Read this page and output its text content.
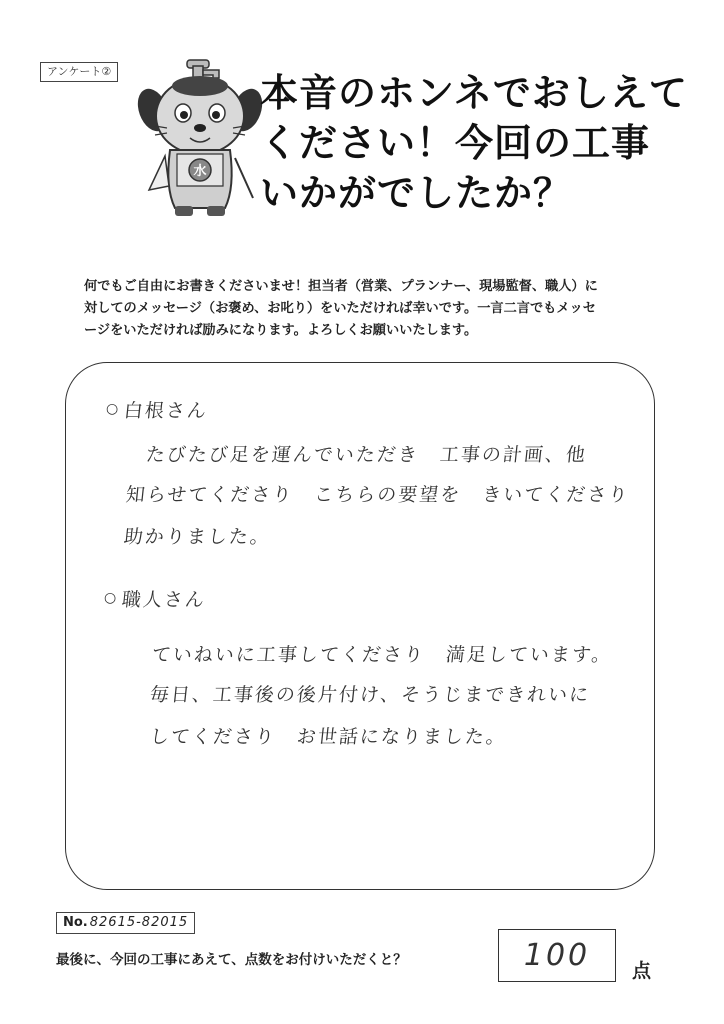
アンケート②
水
本音のホンネでおしえて
ください！今回の工事
いかがでしたか？
何でもご自由にお書きくださいませ！担当者（営業、プランナー、現場監督、職人）に
対してのメッセージ（お褒め、お叱り）をいただければ幸いです。一言二言でもメッセ
ージをいただければ励みになります。よろしくお願いいたします。
○ 白根さん
たびたび足を運んでいただき　工事の計画、他
知らせてくださり　こちらの要望を　きいてくださり
助かりました。
○ 職人さん
ていねいに工事してくださり　満足しています。
毎日、工事後の後片付け、そうじまできれいに
してくださり　お世話になりました。
No. 82615-82015
最後に、今回の工事にあえて、点数をお付けいただくと？	100 点
